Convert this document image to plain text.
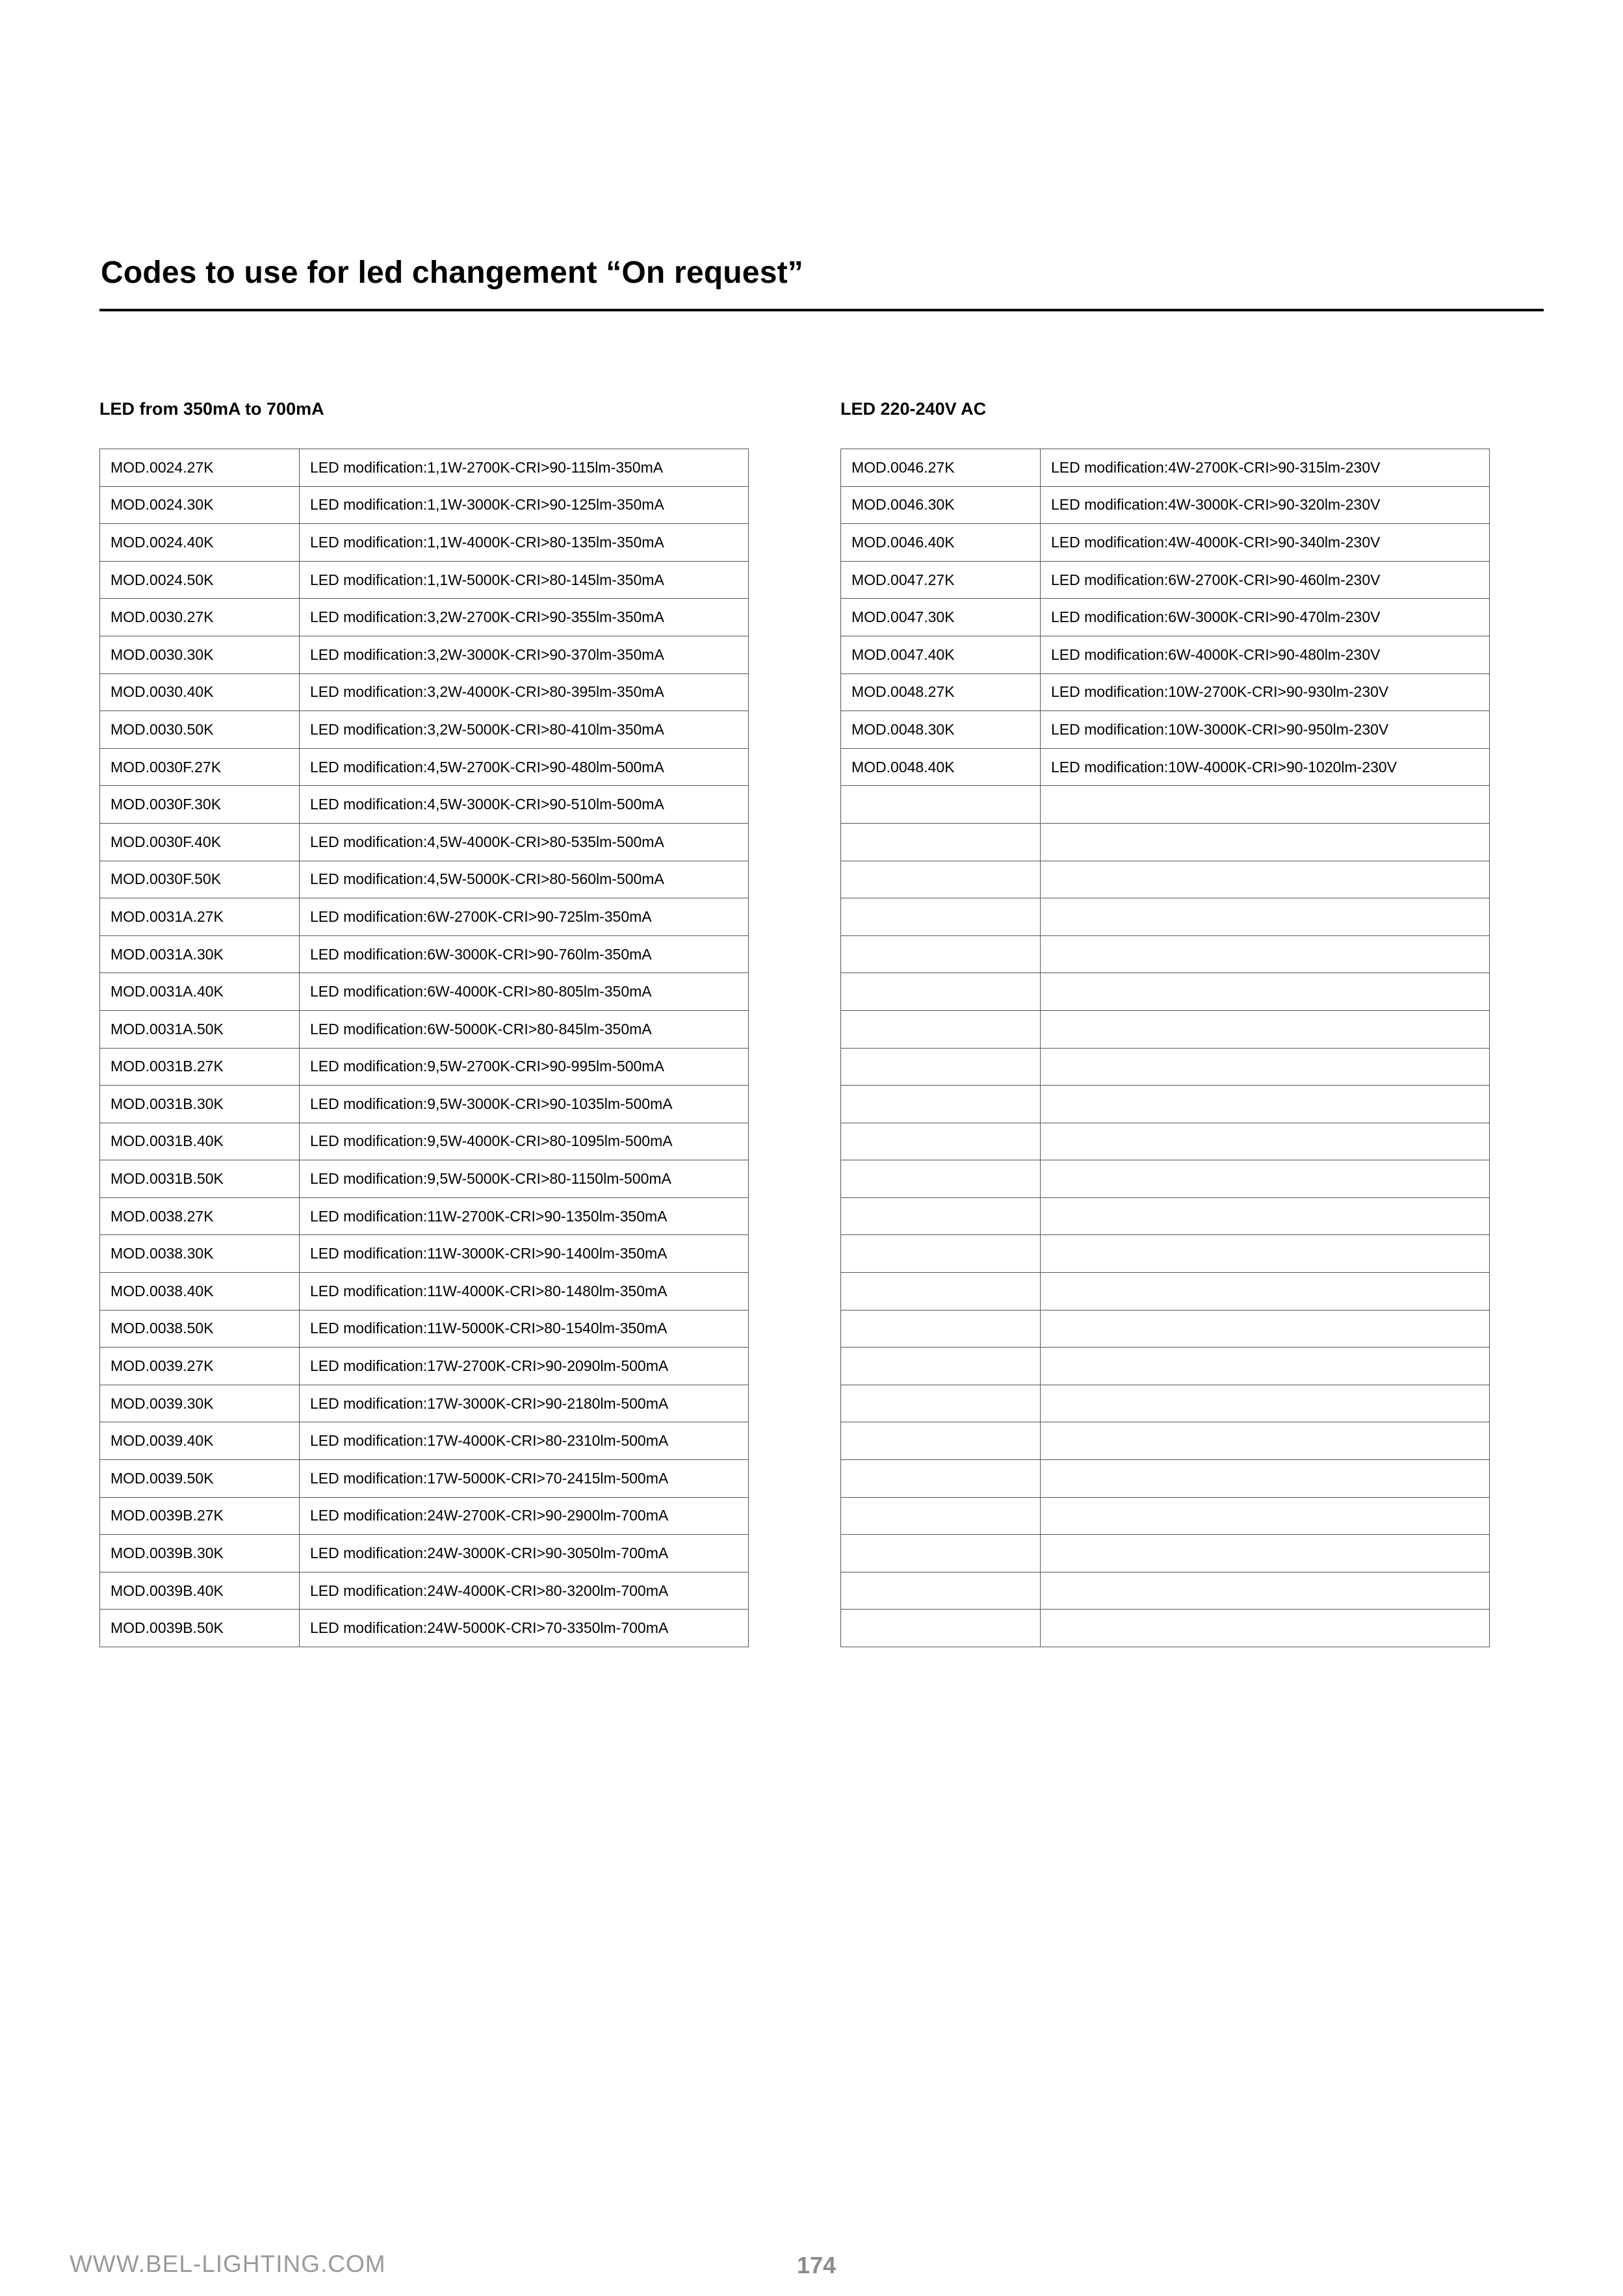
Codes to use for led changement “On request”
LED from 350mA to 700mA	LED 220-240V AC
MOD.0024.27K	LED modification:1,1W-2700K-CRI>90-115lm-350mA
MOD.0024.30K	LED modification:1,1W-3000K-CRI>90-125lm-350mA
MOD.0024.40K	LED modification:1,1W-4000K-CRI>80-135lm-350mA
MOD.0024.50K	LED modification:1,1W-5000K-CRI>80-145lm-350mA
MOD.0030.27K	LED modification:3,2W-2700K-CRI>90-355lm-350mA
MOD.0030.30K	LED modification:3,2W-3000K-CRI>90-370lm-350mA
MOD.0030.40K	LED modification:3,2W-4000K-CRI>80-395lm-350mA
MOD.0030.50K	LED modification:3,2W-5000K-CRI>80-410lm-350mA
MOD.0030F.27K	LED modification:4,5W-2700K-CRI>90-480lm-500mA
MOD.0030F.30K	LED modification:4,5W-3000K-CRI>90-510lm-500mA
MOD.0030F.40K	LED modification:4,5W-4000K-CRI>80-535lm-500mA
MOD.0030F.50K	LED modification:4,5W-5000K-CRI>80-560lm-500mA
MOD.0031A.27K	LED modification:6W-2700K-CRI>90-725lm-350mA
MOD.0031A.30K	LED modification:6W-3000K-CRI>90-760lm-350mA
MOD.0031A.40K	LED modification:6W-4000K-CRI>80-805lm-350mA
MOD.0031A.50K	LED modification:6W-5000K-CRI>80-845lm-350mA
MOD.0031B.27K	LED modification:9,5W-2700K-CRI>90-995lm-500mA
MOD.0031B.30K	LED modification:9,5W-3000K-CRI>90-1035lm-500mA
MOD.0031B.40K	LED modification:9,5W-4000K-CRI>80-1095lm-500mA
MOD.0031B.50K	LED modification:9,5W-5000K-CRI>80-1150lm-500mA
MOD.0038.27K	LED modification:11W-2700K-CRI>90-1350lm-350mA
MOD.0038.30K	LED modification:11W-3000K-CRI>90-1400lm-350mA
MOD.0038.40K	LED modification:11W-4000K-CRI>80-1480lm-350mA
MOD.0038.50K	LED modification:11W-5000K-CRI>80-1540lm-350mA
MOD.0039.27K	LED modification:17W-2700K-CRI>90-2090lm-500mA
MOD.0039.30K	LED modification:17W-3000K-CRI>90-2180lm-500mA
MOD.0039.40K	LED modification:17W-4000K-CRI>80-2310lm-500mA
MOD.0039.50K	LED modification:17W-5000K-CRI>70-2415lm-500mA
MOD.0039B.27K	LED modification:24W-2700K-CRI>90-2900lm-700mA
MOD.0039B.30K	LED modification:24W-3000K-CRI>90-3050lm-700mA
MOD.0039B.40K	LED modification:24W-4000K-CRI>80-3200lm-700mA
MOD.0039B.50K	LED modification:24W-5000K-CRI>70-3350lm-700mA
MOD.0046.27K	LED modification:4W-2700K-CRI>90-315lm-230V
MOD.0046.30K	LED modification:4W-3000K-CRI>90-320lm-230V
MOD.0046.40K	LED modification:4W-4000K-CRI>90-340lm-230V
MOD.0047.27K	LED modification:6W-2700K-CRI>90-460lm-230V
MOD.0047.30K	LED modification:6W-3000K-CRI>90-470lm-230V
MOD.0047.40K	LED modification:6W-4000K-CRI>90-480lm-230V
MOD.0048.27K	LED modification:10W-2700K-CRI>90-930lm-230V
MOD.0048.30K	LED modification:10W-3000K-CRI>90-950lm-230V
MOD.0048.40K	LED modification:10W-4000K-CRI>90-1020lm-230V

WWW.BEL-LIGHTING.COM	174
